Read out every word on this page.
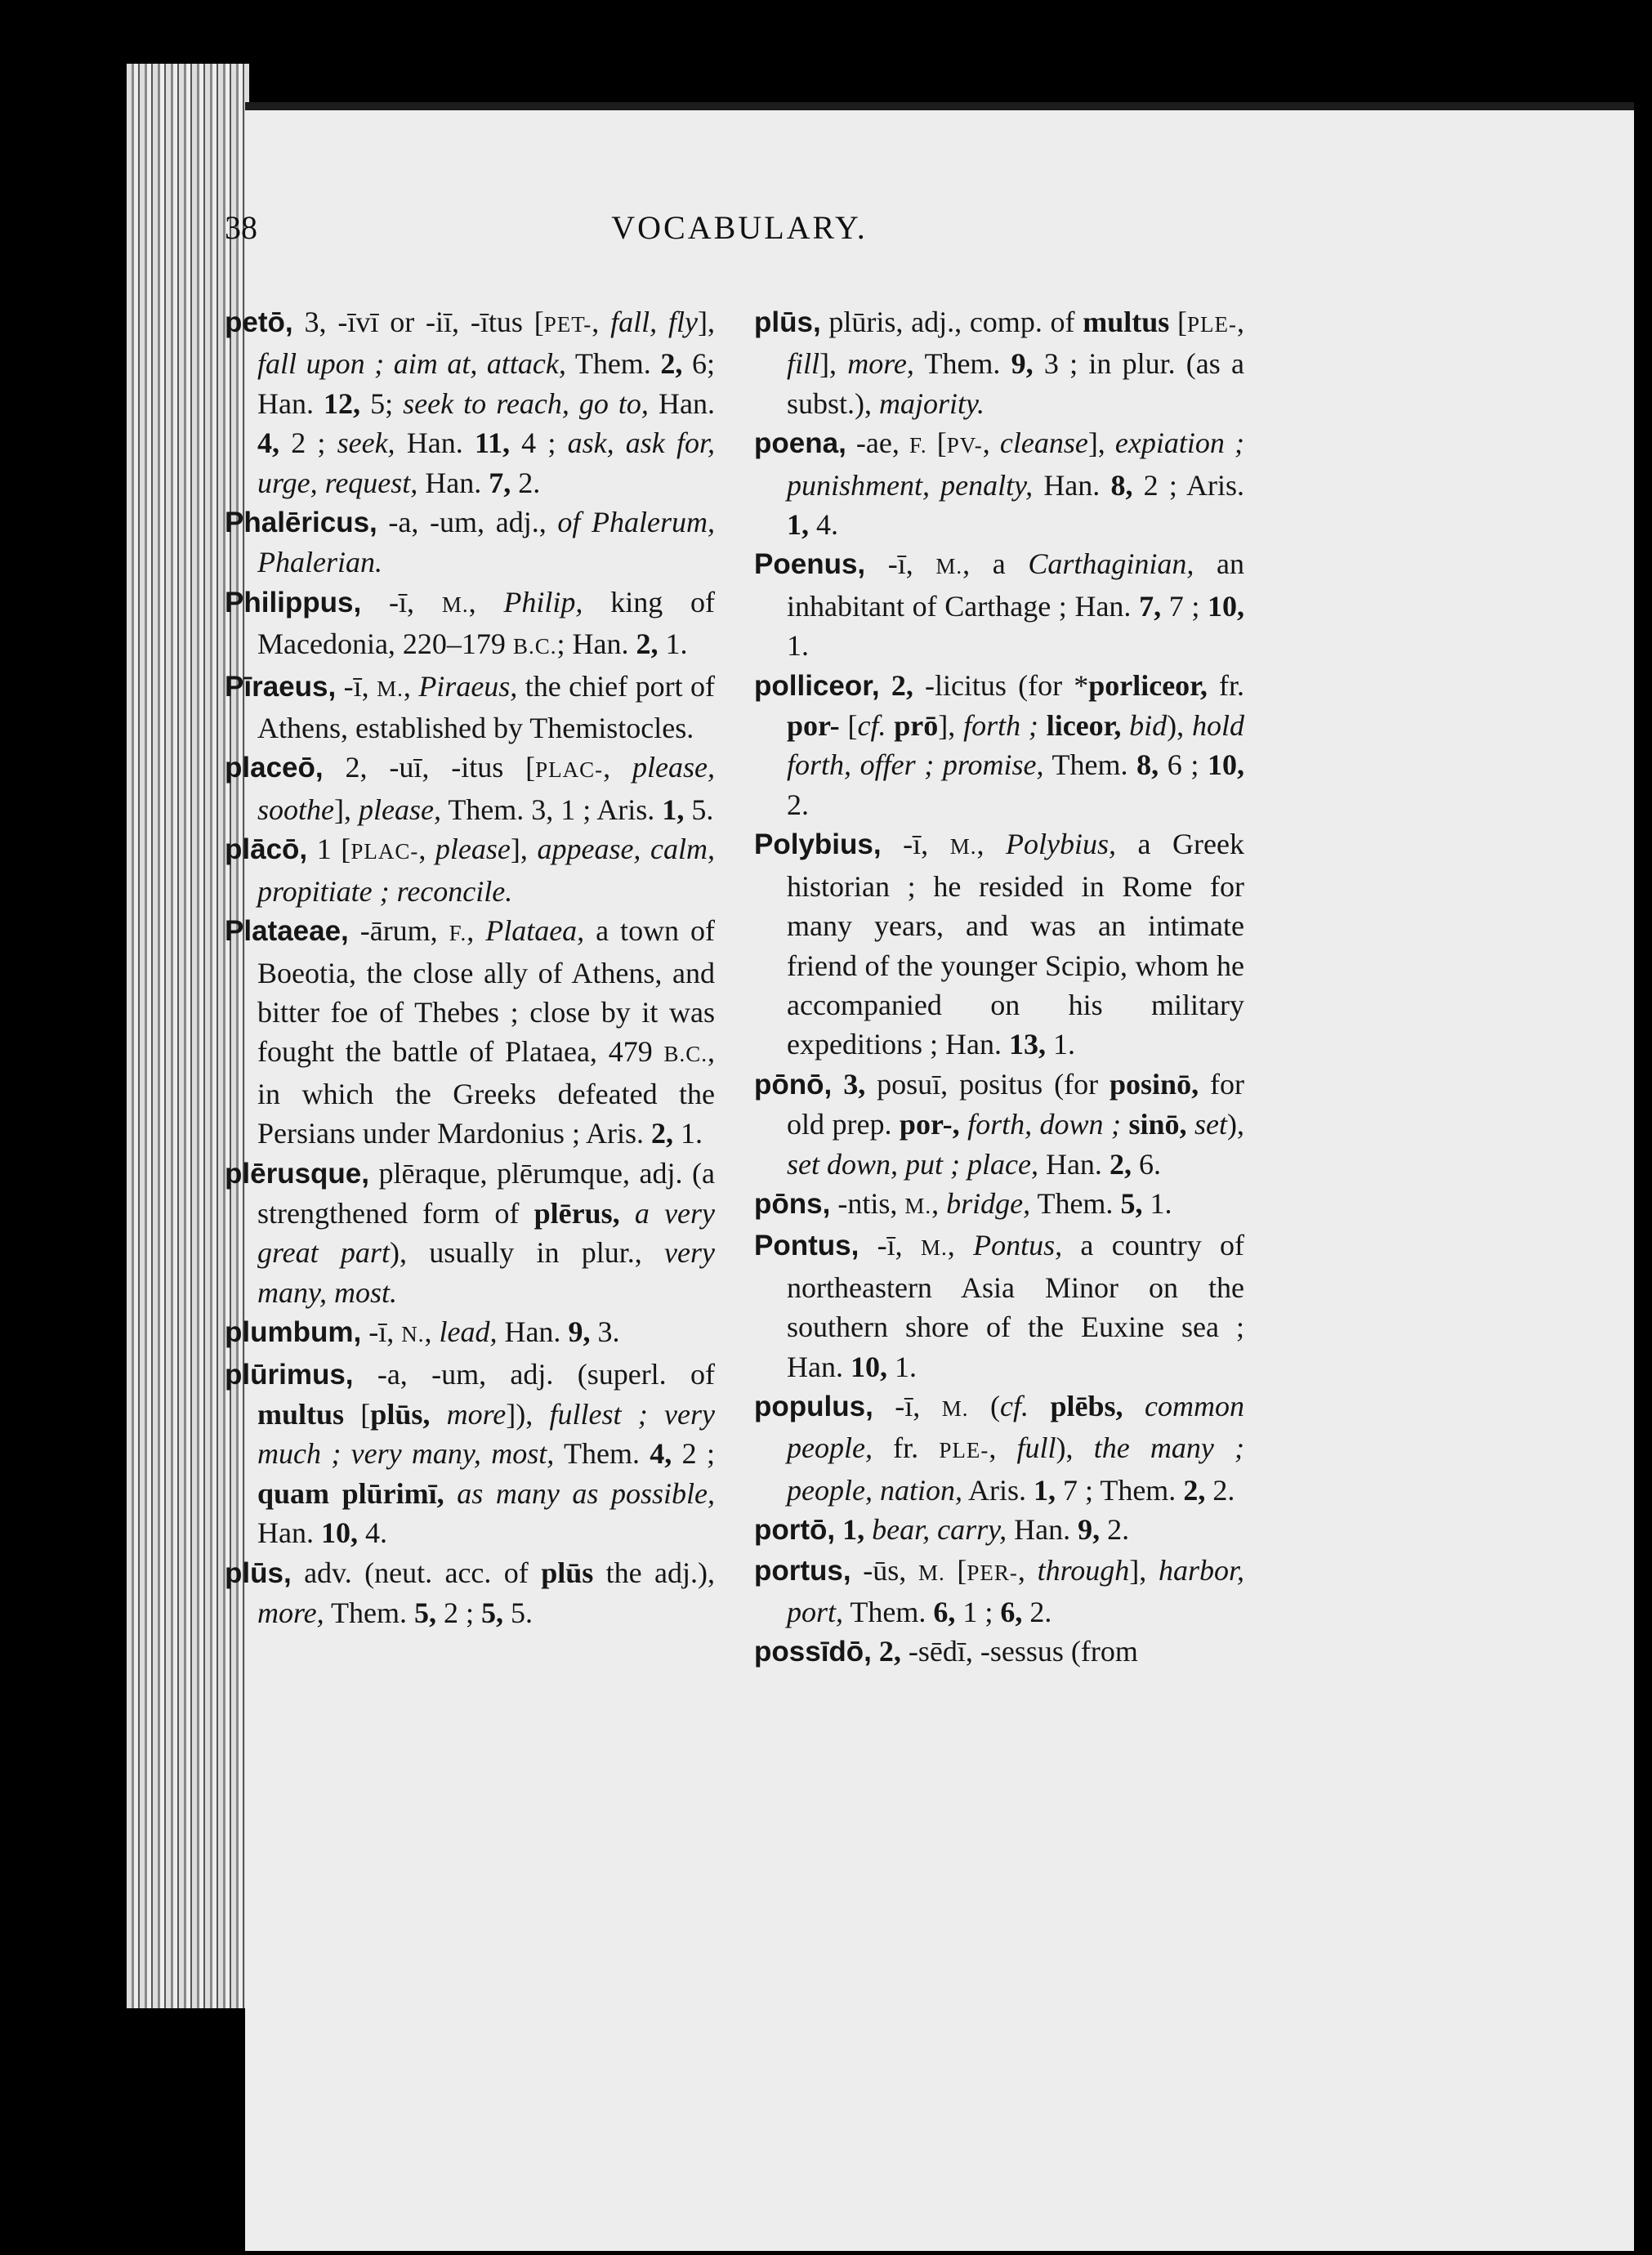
38	VOCABULARY.
petō, 3, -īvī or -iī, -ītus [PET-, fall, fly], fall upon ; aim at, attack, Them. 2, 6; Han. 12, 5; seek to reach, go to, Han. 4, 2 ; seek, Han. 11, 4 ; ask, ask for, urge, request, Han. 7, 2.
Phalēricus, -a, -um, adj., of Phalerum, Phalerian.
Philippus, -ī, M., Philip, king of Macedonia, 220–179 B.C.; Han. 2, 1.
Pīraeus, -ī, M., Piraeus, the chief port of Athens, established by Themistocles.
placeō, 2, -uī, -itus [PLAC-, please, soothe], please, Them. 3, 1 ; Aris. 1, 5.
plācō, 1 [PLAC-, please], appease, calm, propitiate ; reconcile.
Plataeae, -ārum, F., Plataea, a town of Boeotia, the close ally of Athens, and bitter foe of Thebes ; close by it was fought the battle of Plataea, 479 B.C., in which the Greeks defeated the Persians under Mardonius ; Aris. 2, 1.
plērusque, plēraque, plērumque, adj. (a strengthened form of plērus, a very great part), usually in plur., very many, most.
plumbum, -ī, N., lead, Han. 9, 3.
plūrimus, -a, -um, adj. (superl. of multus [plūs, more]), fullest ; very much ; very many, most, Them. 4, 2 ; quam plūrimī, as many as possible, Han. 10, 4.
plūs, adv. (neut. acc. of plūs the adj.), more, Them. 5, 2 ; 5, 5.
plūs, plūris, adj., comp. of multus [PLE-, fill], more, Them. 9, 3 ; in plur. (as a subst.), majority.
poena, -ae, F. [PV-, cleanse], expiation ; punishment, penalty, Han. 8, 2 ; Aris. 1, 4.
Poenus, -ī, M., a Carthaginian, an inhabitant of Carthage ; Han. 7, 7 ; 10, 1.
polliceor, 2, -licitus (for *porliceor, fr. por- [cf. prō], forth ; liceor, bid), hold forth, offer ; promise, Them. 8, 6 ; 10, 2.
Polybius, -ī, M., Polybius, a Greek historian ; he resided in Rome for many years, and was an intimate friend of the younger Scipio, whom he accompanied on his military expeditions ; Han. 13, 1.
pōnō, 3, posuī, positus (for posinō, for old prep. por-, forth, down ; sinō, set), set down, put ; place, Han. 2, 6.
pōns, -ntis, M., bridge, Them. 5, 1.
Pontus, -ī, M., Pontus, a country of northeastern Asia Minor on the southern shore of the Euxine sea ; Han. 10, 1.
populus, -ī, M. (cf. plēbs, common people, fr. PLE-, full), the many ; people, nation, Aris. 1, 7 ; Them. 2, 2.
portō, 1, bear, carry, Han. 9, 2.
portus, -ūs, M. [PER-, through], harbor, port, Them. 6, 1 ; 6, 2.
possīdō, 2, -sēdī, -sessus (from
